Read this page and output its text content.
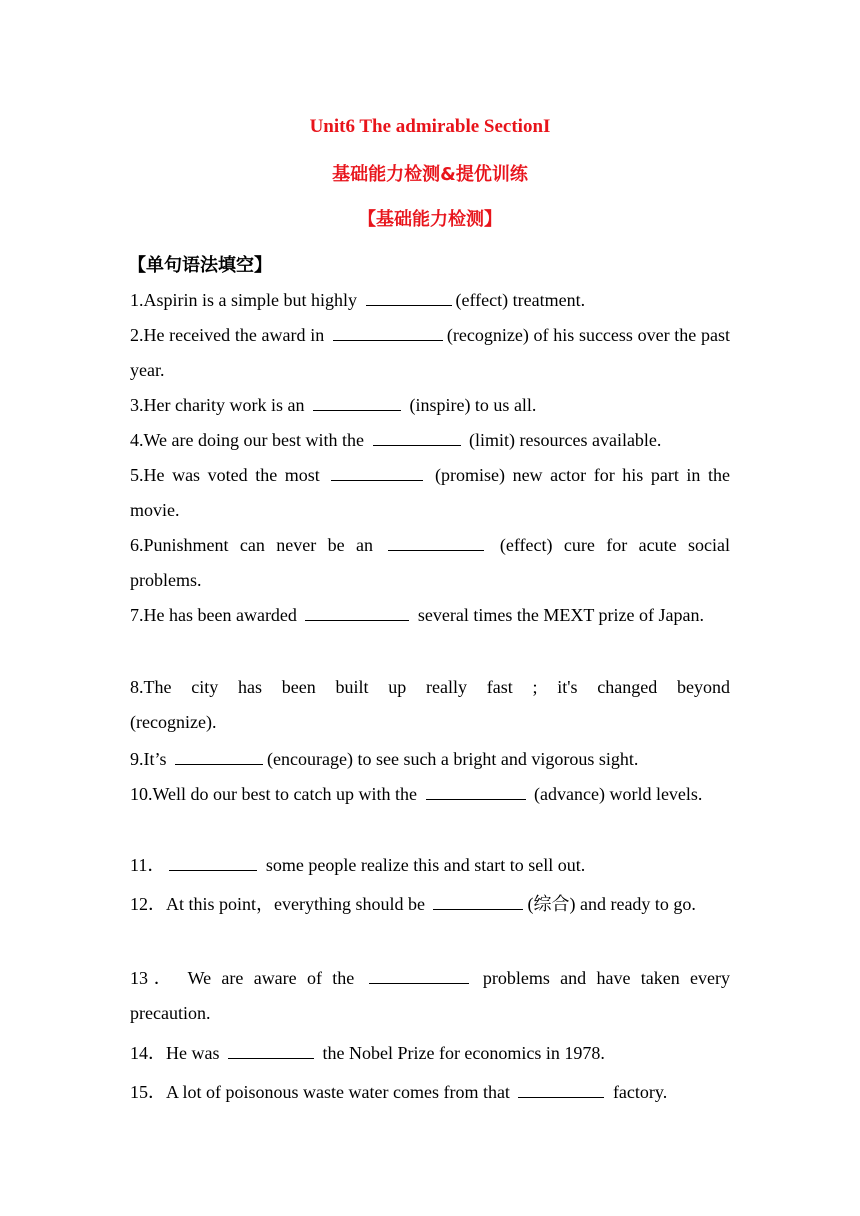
Unit6 The admirable SectionI

基础能力检测&提优训练

【基础能力检测】

【单句语法填空】

1.Aspirin is a simple but highly	(effect) treatment.

2.He received the award in	(recognize) of his success over the past year.

3.Her charity work is an	(inspire) to us all.

4.We are doing our best with the	(limit) resources available.

5.He was voted the most	(promise) new actor for his part in the movie.

6.Punishment can never be an	(effect) cure for acute social problems.

7.He has been awarded	several times the MEXT prize of Japan.

8.The city has been built up really fast ; it's changed beyond (recognize).

9.It’s	(encourage) to see such a bright and vigorous sight.

10.Well do our best to catch up with the	(advance) world levels.

11．	some people realize this and start to sell out.

12．At this point，everything should be	(综合) and ready to go.

13． We are aware of the	problems and have taken every precaution.

14．He was	the Nobel Prize for economics in 1978.

15．A lot of poisonous waste water comes from that	factory.
